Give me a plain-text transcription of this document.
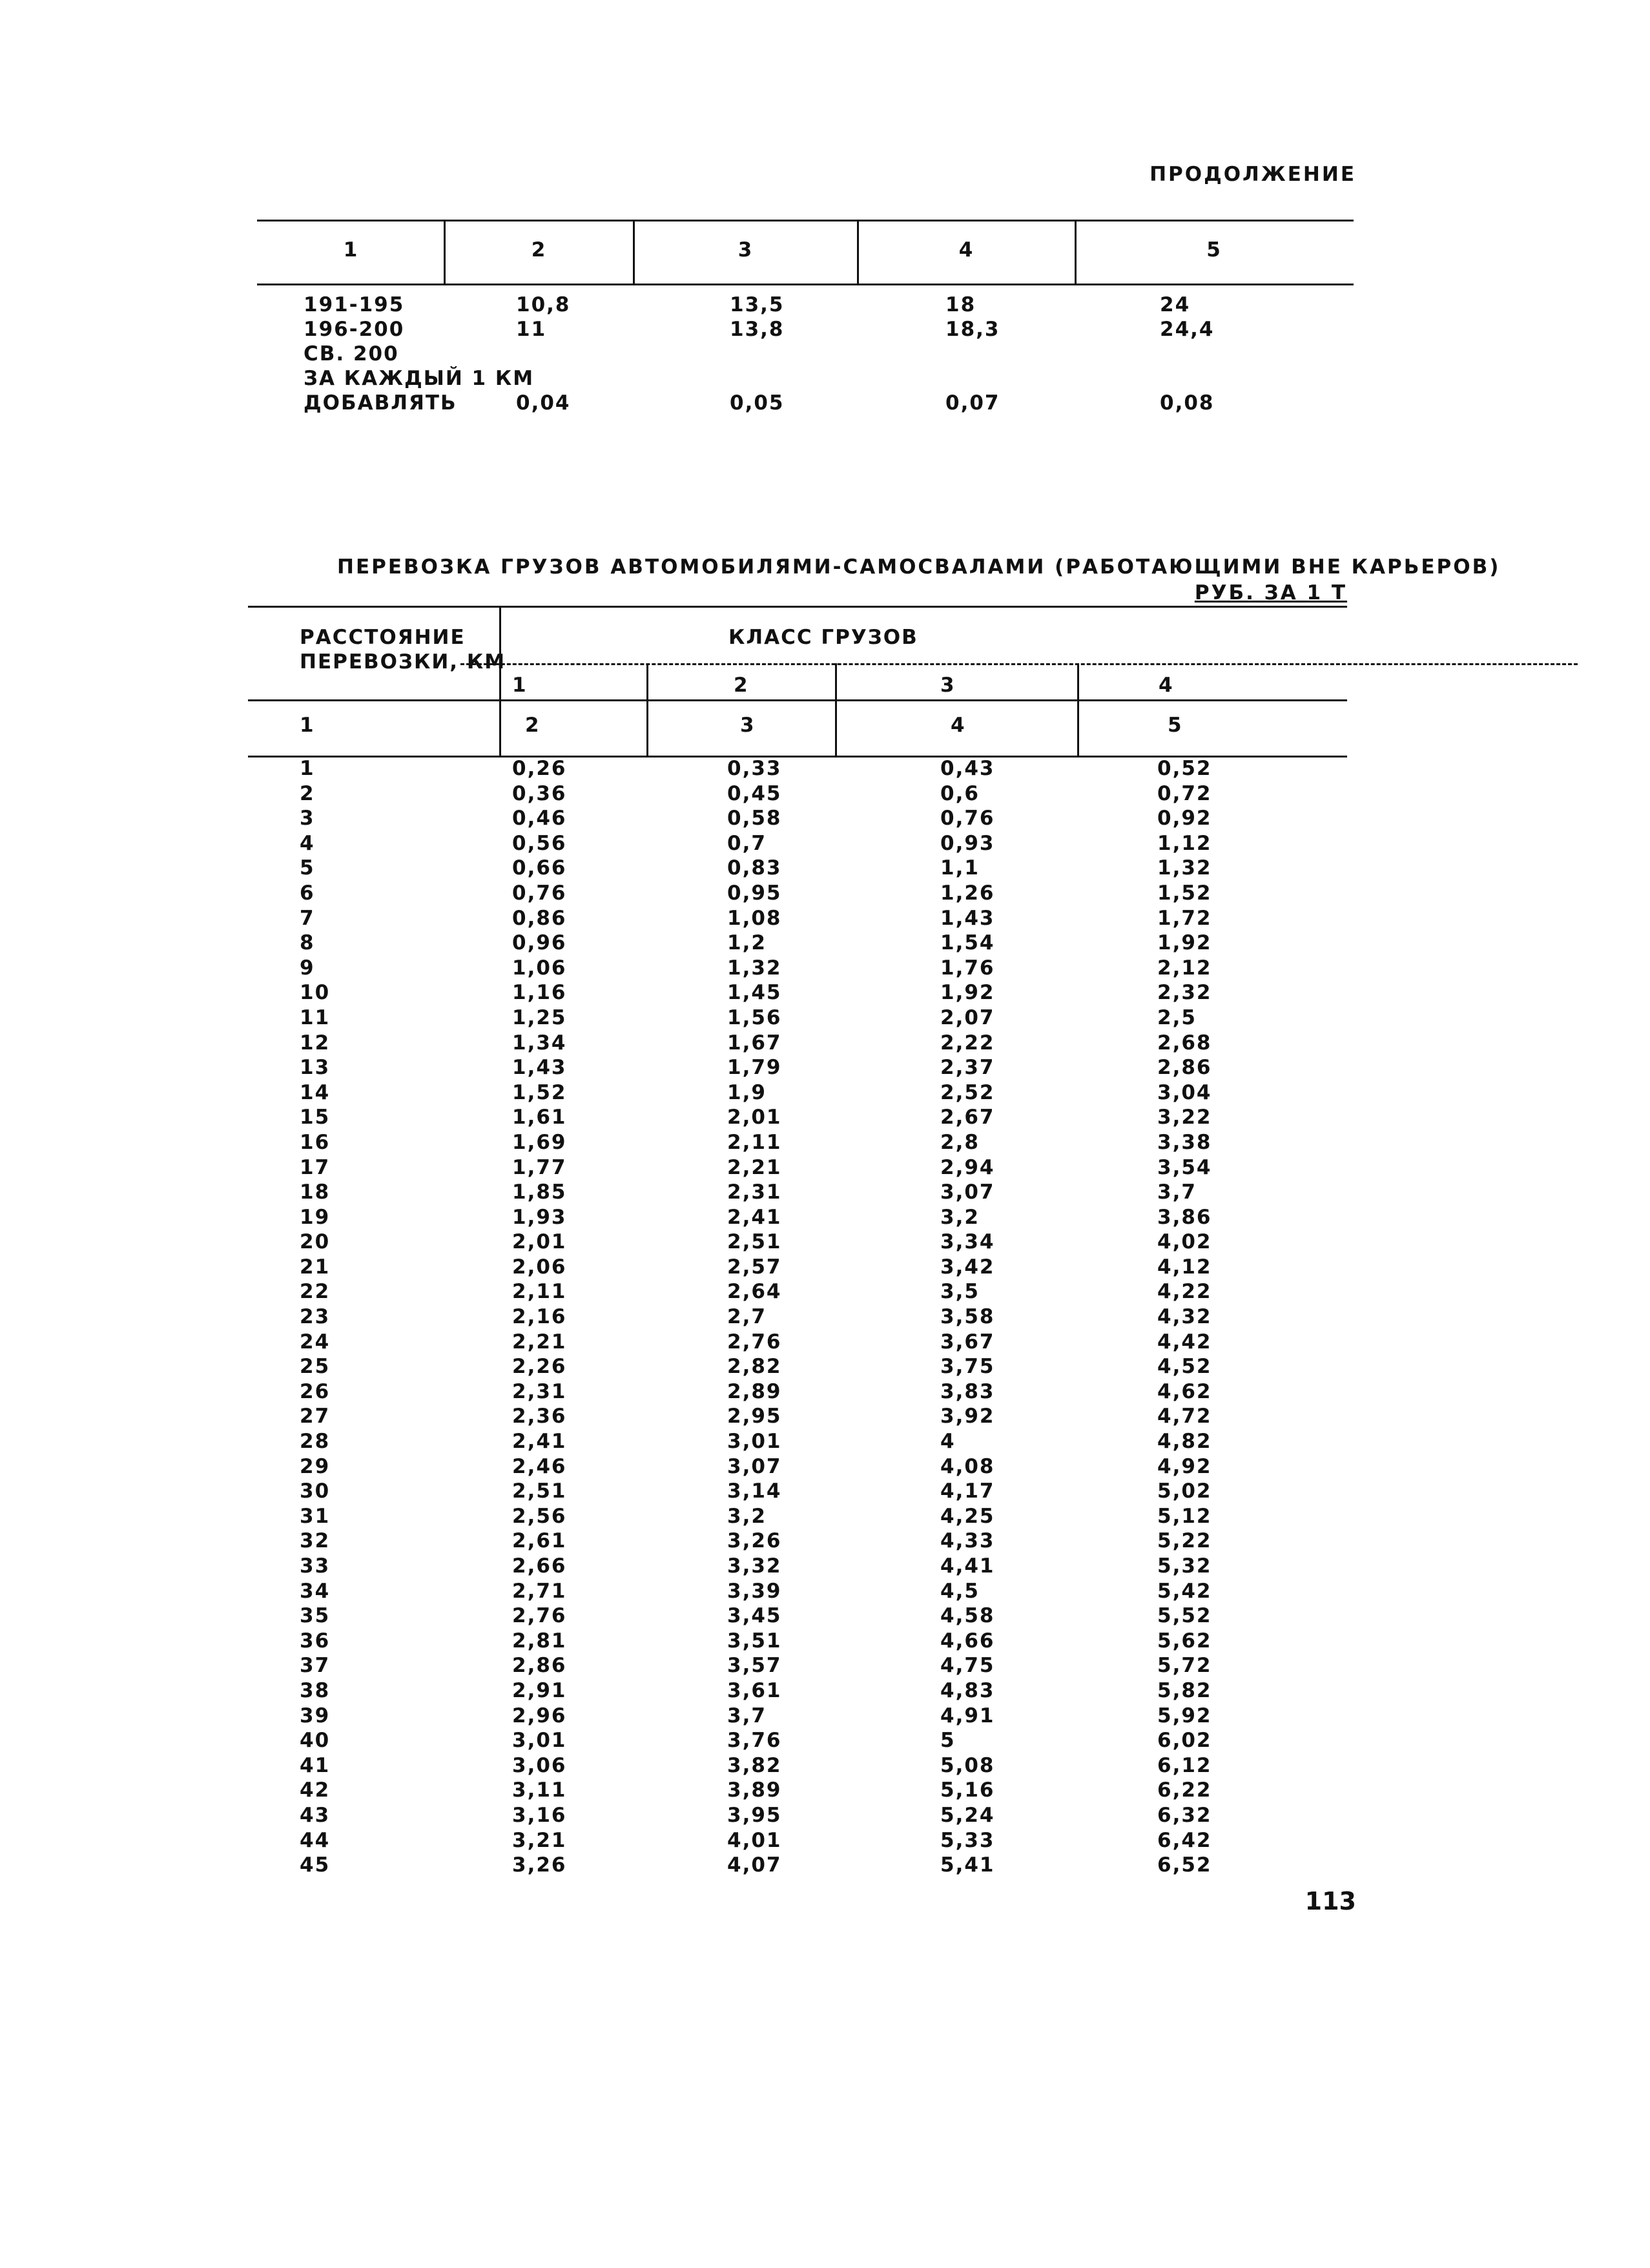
ПРОДОЛЖЕНИЕ
1	2	3	4	5
191-195	10,8	13,5	18	24
196-200	11	13,8	18,3	24,4
СВ. 200
ЗА КАЖДЫЙ 1 КМ
ДОБАВЛЯТЬ	0,04	0,05	0,07	0,08
ПЕРЕВОЗКА ГРУЗОВ АВТОМОБИЛЯМИ-САМОСВАЛАМИ (РАБОТАЮЩИМИ ВНЕ КАРЬЕРОВ)
РУБ. ЗА 1 Т
РАССТОЯНИЕ
ПЕРЕВОЗКИ, КМ
КЛАСС ГРУЗОВ
1	2	3	4
1	2	3	4	5
1	0,26	0,33	0,43	0,52
2	0,36	0,45	0,6	0,72
3	0,46	0,58	0,76	0,92
4	0,56	0,7	0,93	1,12
5	0,66	0,83	1,1	1,32
6	0,76	0,95	1,26	1,52
7	0,86	1,08	1,43	1,72
8	0,96	1,2	1,54	1,92
9	1,06	1,32	1,76	2,12
10	1,16	1,45	1,92	2,32
11	1,25	1,56	2,07	2,5
12	1,34	1,67	2,22	2,68
13	1,43	1,79	2,37	2,86
14	1,52	1,9	2,52	3,04
15	1,61	2,01	2,67	3,22
16	1,69	2,11	2,8	3,38
17	1,77	2,21	2,94	3,54
18	1,85	2,31	3,07	3,7
19	1,93	2,41	3,2	3,86
20	2,01	2,51	3,34	4,02
21	2,06	2,57	3,42	4,12
22	2,11	2,64	3,5	4,22
23	2,16	2,7	3,58	4,32
24	2,21	2,76	3,67	4,42
25	2,26	2,82	3,75	4,52
26	2,31	2,89	3,83	4,62
27	2,36	2,95	3,92	4,72
28	2,41	3,01	4	4,82
29	2,46	3,07	4,08	4,92
30	2,51	3,14	4,17	5,02
31	2,56	3,2	4,25	5,12
32	2,61	3,26	4,33	5,22
33	2,66	3,32	4,41	5,32
34	2,71	3,39	4,5	5,42
35	2,76	3,45	4,58	5,52
36	2,81	3,51	4,66	5,62
37	2,86	3,57	4,75	5,72
38	2,91	3,61	4,83	5,82
39	2,96	3,7	4,91	5,92
40	3,01	3,76	5	6,02
41	3,06	3,82	5,08	6,12
42	3,11	3,89	5,16	6,22
43	3,16	3,95	5,24	6,32
44	3,21	4,01	5,33	6,42
45	3,26	4,07	5,41	6,52
113
